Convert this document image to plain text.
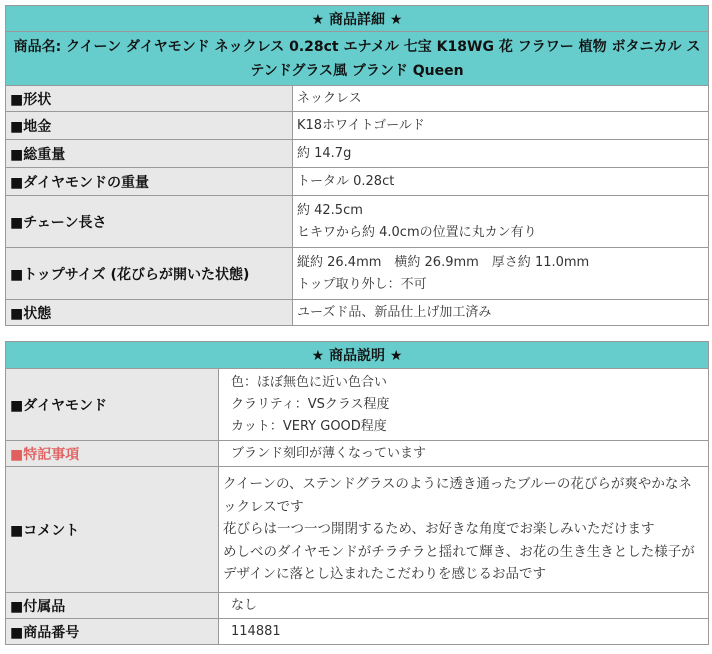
★ 商品詳細 ★	
商品名: クイーン ダイヤモンド ネックレス 0.28ct エナメル 七宝 K18WG 花 フラワー 植物 ボタニカル ステンドグラス風 ブランド Queen	
■形状	ネックレス

■地金	K18ホワイトゴールド

■総重量	約 14.7g

■ダイヤモンドの重量	トータル 0.28ct

■チェーン長さ	約 42.5cm
ヒキワから約 4.0cmの位置に丸カン有り

■トップサイズ (花びらが開いた状態)	縦約 26.4mm　横約 26.9mm　厚さ約 11.0mm
トップ取り外し：不可

■状態	ユーズド品、新品仕上げ加工済み
★ 商品説明 ★	
■ダイヤモンド	色：ほぼ無色に近い色合い
クラリティ：VSクラス程度
カット：VERY GOOD程度

■特記事項	ブランド刻印が薄くなっています

■コメント	クイーンの、ステンドグラスのように透き通ったブルーの花びらが爽やかなネックレスです
花びらは一つ一つ開閉するため、お好きな角度でお楽しみいただけます
めしべのダイヤモンドがチラチラと揺れて輝き、お花の生き生きとした様子がデザインに落とし込まれたこだわりを感じるお品です

■付属品	なし

■商品番号	114881
